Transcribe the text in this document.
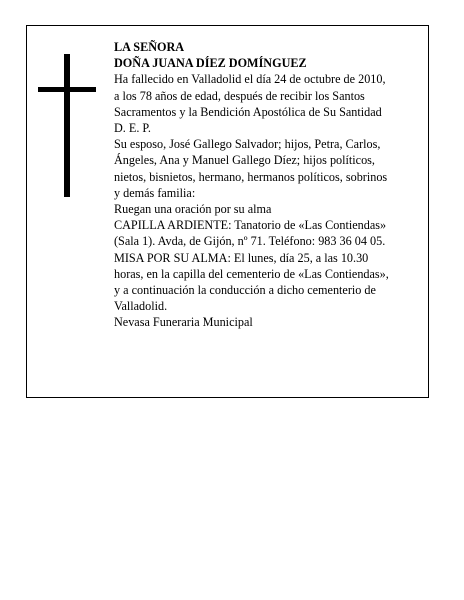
LA SEÑORA
DOÑA JUANA DÍEZ DOMÍNGUEZ
Ha fallecido en Valladolid el día 24 de octubre de 2010,
a los 78 años de edad, después de recibir los Santos
Sacramentos y la Bendición Apostólica de Su Santidad
D. E. P.
Su esposo, José Gallego Salvador; hijos, Petra, Carlos,
Ángeles, Ana y Manuel Gallego Díez; hijos políticos,
nietos, bisnietos, hermano, hermanos políticos, sobrinos
y demás familia:
Ruegan una oración por su alma
CAPILLA ARDIENTE: Tanatorio de «Las Contiendas»
(Sala 1). Avda, de Gijón, nº 71. Teléfono: 983 36 04 05.
MISA POR SU ALMA: El lunes, día 25, a las 10.30
horas, en la capilla del cementerio de «Las Contiendas»,
y a continuación la conducción a dicho cementerio de
Valladolid.
Nevasa Funeraria Municipal
